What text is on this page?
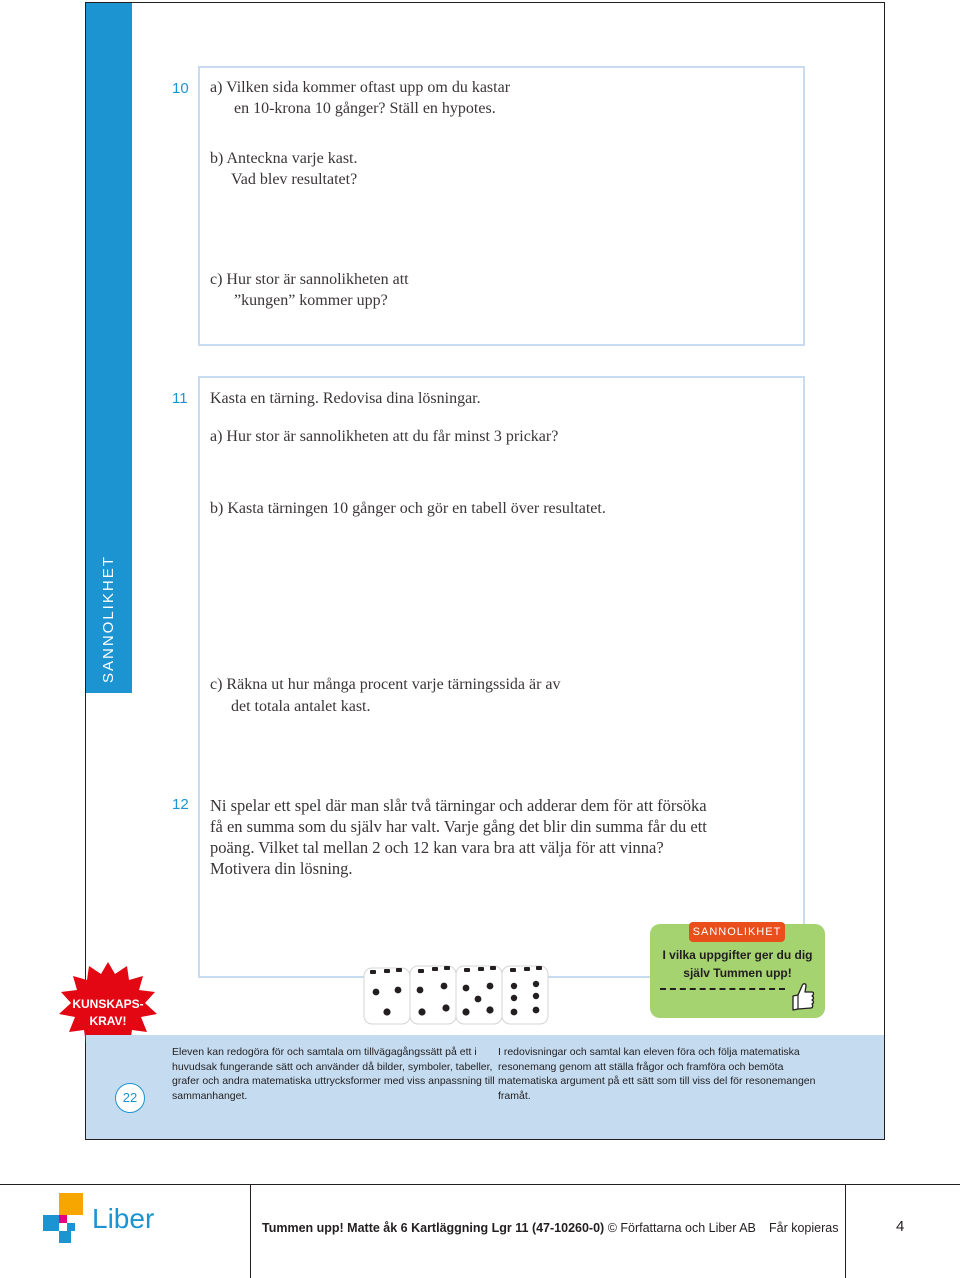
SANNOLIKHET
10 a) Vilken sida kommer oftast upp om du kastar
en 10-krona 10 gånger? Ställ en hypotes.
b) Anteckna varje kast.
Vad blev resultatet?
c) Hur stor är sannolikheten att
”kungen” kommer upp?
11 Kasta en tärning. Redovisa dina lösningar.
a) Hur stor är sannolikheten att du får minst 3 prickar?
b) Kasta tärningen 10 gånger och gör en tabell över resultatet.
c) Räkna ut hur många procent varje tärningssida är av
det totala antalet kast.
12 Ni spelar ett spel där man slår två tärningar och adderar dem för att försöka
få en summa som du själv har valt. Varje gång det blir din summa får du ett
poäng. Vilket tal mellan 2 och 12 kan vara bra att välja för att vinna?
Motivera din lösning.
SANNOLIKHET
I vilka uppgifter ger du dig
själv Tummen upp!
KUNSKAPS-
KRAV!
22
Eleven kan redogöra för och samtala om tillvägagångssätt på ett i huvudsak fungerande sätt och använder då bilder, symboler, tabeller, grafer och andra matematiska uttrycksformer med viss anpassning till sammanhanget.
I redovisningar och samtal kan eleven föra och följa matematiska resonemang genom att ställa frågor och framföra och bemöta matematiska argument på ett sätt som till viss del för resonemangen framåt.
Liber	Tummen upp! Matte åk 6 Kartläggning Lgr 11 (47-10260-0) © Författarna och Liber AB Får kopieras	4
